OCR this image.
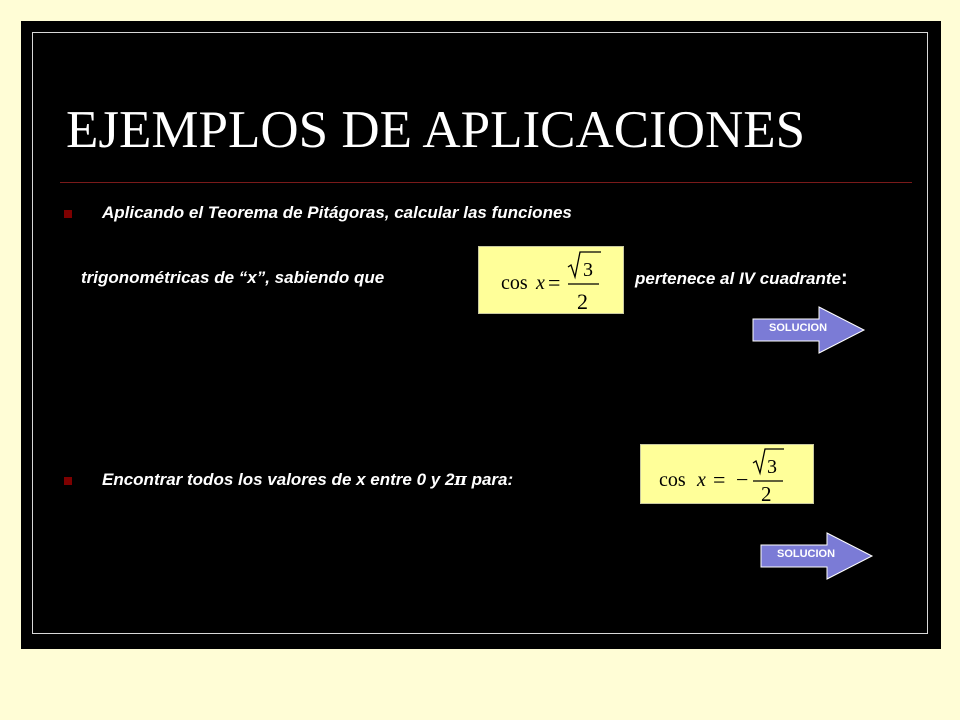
EJEMPLOS DE APLICACIONES
Aplicando el Teorema de Pitágoras, calcular las funciones
trigonométricas de “x”, sabiendo que	cos x = 3
2
pertenece al IV cuadrante:
SOLUCION
Encontrar todos los valores de x entre 0 y 2π para:	cos x = − 3
2
SOLUCION
